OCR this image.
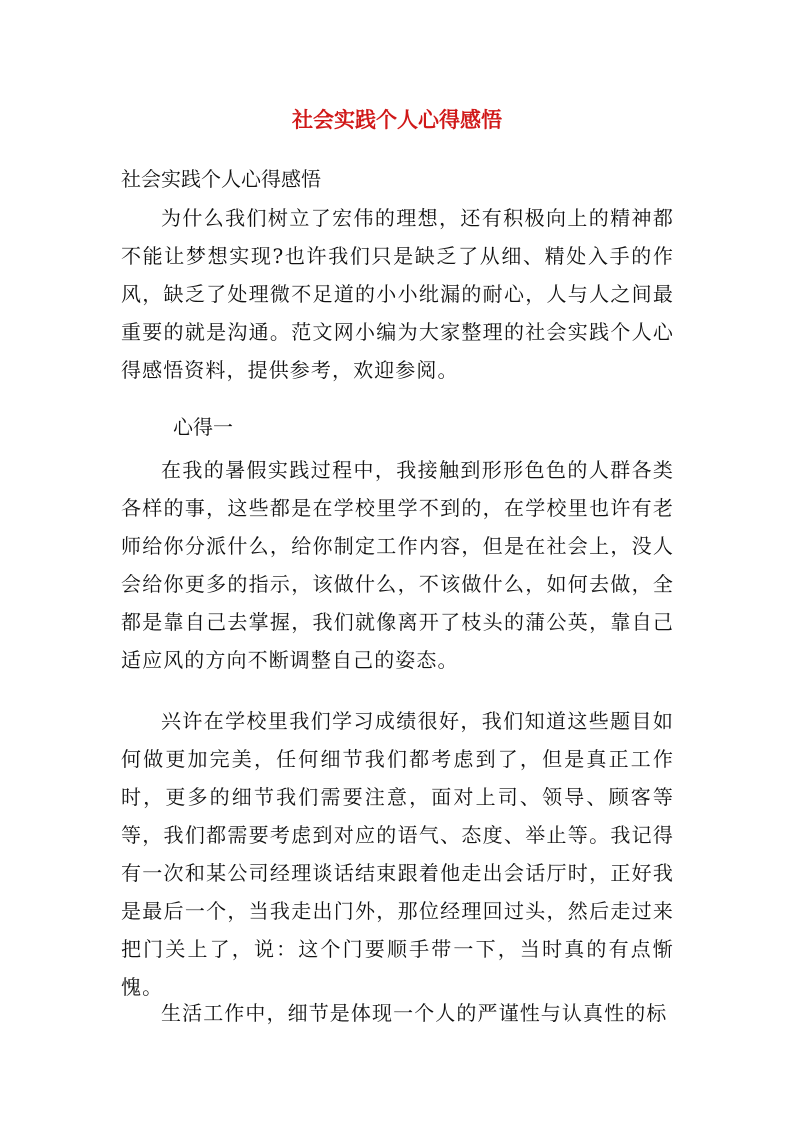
社会实践个人心得感悟

社会实践个人心得感悟

为什么我们树立了宏伟的理想，还有积极向上的精神都不能让梦想实现?也许我们只是缺乏了从细、精处入手的作风，缺乏了处理微不足道的小小纰漏的耐心，人与人之间最重要的就是沟通。范文网小编为大家整理的社会实践个人心得感悟资料，提供参考，欢迎参阅。

心得一

在我的暑假实践过程中，我接触到形形色色的人群各类各样的事，这些都是在学校里学不到的，在学校里也许有老师给你分派什么，给你制定工作内容，但是在社会上，没人会给你更多的指示，该做什么，不该做什么，如何去做，全都是靠自己去掌握，我们就像离开了枝头的蒲公英，靠自己适应风的方向不断调整自己的姿态。

兴许在学校里我们学习成绩很好，我们知道这些题目如何做更加完美，任何细节我们都考虑到了，但是真正工作时，更多的细节我们需要注意，面对上司、领导、顾客等等，我们都需要考虑到对应的语气、态度、举止等。我记得有一次和某公司经理谈话结束跟着他走出会话厅时，正好我是最后一个，当我走出门外，那位经理回过头，然后走过来把门关上了，说：这个门要顺手带一下，当时真的有点惭愧。

生活工作中，细节是体现一个人的严谨性与认真性的标
